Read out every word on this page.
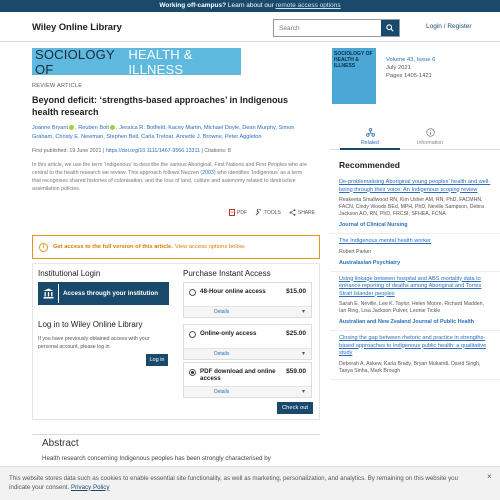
Working off-campus? Learn about our remote access options
Wiley Online Library
Search	Login / Register
SOCIOLOGY OF
HEALTH & ILLNESS
REVIEW ARTICLE
Beyond deficit: ‘strengths-based approaches’ in Indigenous health research
Joanne Bryant , Reuben Bolt , Jessica R. Botfield, Kacey Martin, Michael Doyle, Dean Murphy, Simon Graham, Christy E. Newman, Stephen Bell, Carla Treloar, Annette J. Browne, Peter Aggleton
First published: 19 June 2021 | https://doi.org/10.1111/1467-9566.13311 | Citations: 8
In this article, we use the term ‘Indigenous’ to describe the various Aboriginal, First Nations and First Peoples who are central to the health research we review. This approach follows Nezzen (2003) who identifies ‘Indigenous’ as a term that recognises shared histories of colonisation, and the loss of land, culture and autonomy related to destructive assimilation policies.
PDF	TOOLS	SHARE
i	Get access to the full version of this article. View access options below.
Institutional Login
Access through your institution
Log in to Wiley Online Library
If you have previously obtained access with your personal account, please log in.
Log in
Purchase Instant Access
48-Hour online access	$15.00
Details ▾
Online-only access	$25.00
Details ▾
PDF download and online access
$59.00
Details ▾
Check out
Abstract
Health research concerning Indigenous peoples has been strongly characterised by
SOCIOLOGY OF HEALTH & ILLNESS
Volume 43, Issue 6
July 2021
Pages 1405-1421
Related	Information
Recommended
De-problematising Aboriginal young peoples’ health and well-being through their voice: An Indigenous scoping review
Reakeeta Smallwood RN, Kim Usher AM, RN, PhD, FACMHN, FACN, Cindy Woods BEd, MPH, PhD, Neville Sampson, Debra Jackson AO, RN, PhD, FRCSI, SFHEA, FCNA
Journal of Clinical Nursing
The Indigenous mental health worker
Robert Parker
Australasian Psychiatry
Using linkage between hospital and ABS mortality data to enhance reporting of deaths among Aboriginal and Torres Strait Islander peoples
Sarah E. Neville, Lee K. Taylor, Helen Moore, Richard Madden, Ian Ring, Lisa Jackson Pulver, Leonie Tickle
Australian and New Zealand Journal of Public Health
Closing the gap between rhetoric and practice in strengths-based approaches to Indigenous public health: a qualitative study
Deborah A. Askew, Karla Brady, Bryan Mukandi, David Singh, Tanya Sinha, Mark Brough
This website stores data such as cookies to enable essential site functionality, as well as marketing, personalization, and analytics. By remaining on this website you indicate your consent. Privacy Policy
×
